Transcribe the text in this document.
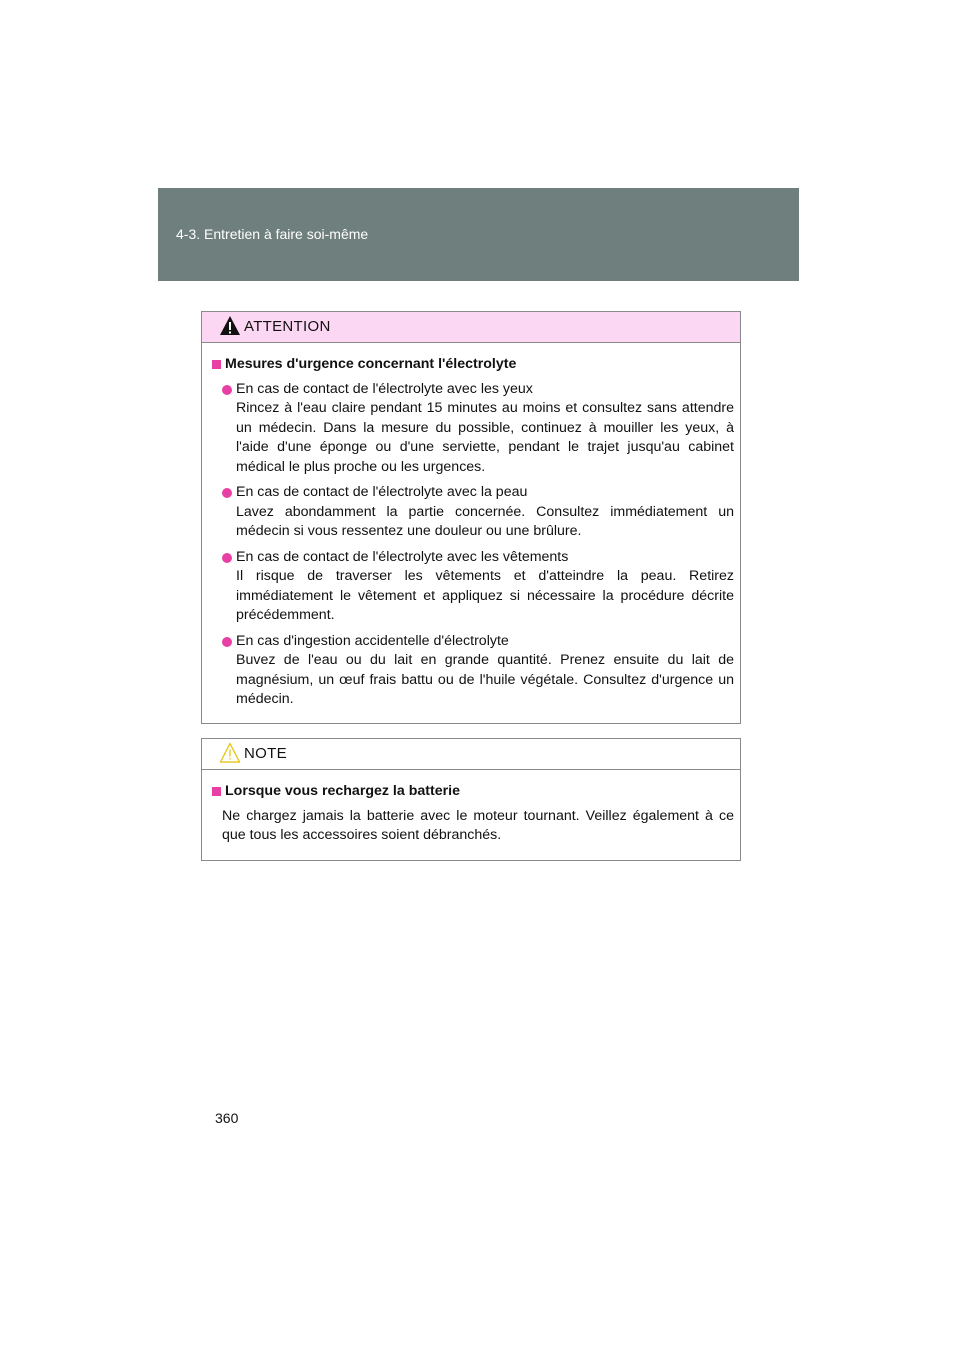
4-3. Entretien à faire soi-même
ATTENTION
Mesures d'urgence concernant l'électrolyte
En cas de contact de l'électrolyte avec les yeux
Rincez à l'eau claire pendant 15 minutes au moins et consultez sans attendre un médecin. Dans la mesure du possible, continuez à mouiller les yeux, à l'aide d'une éponge ou d'une serviette, pendant le trajet jusqu'au cabinet médical le plus proche ou les urgences.
En cas de contact de l'électrolyte avec la peau
Lavez abondamment la partie concernée. Consultez immédiatement un médecin si vous ressentez une douleur ou une brûlure.
En cas de contact de l'électrolyte avec les vêtements
Il risque de traverser les vêtements et d'atteindre la peau. Retirez immédiatement le vêtement et appliquez si nécessaire la procédure décrite précédemment.
En cas d'ingestion accidentelle d'électrolyte
Buvez de l'eau ou du lait en grande quantité. Prenez ensuite du lait de magnésium, un œuf frais battu ou de l'huile végétale. Consultez d'urgence un médecin.
NOTE
Lorsque vous rechargez la batterie
Ne chargez jamais la batterie avec le moteur tournant. Veillez également à ce que tous les accessoires soient débranchés.
360
